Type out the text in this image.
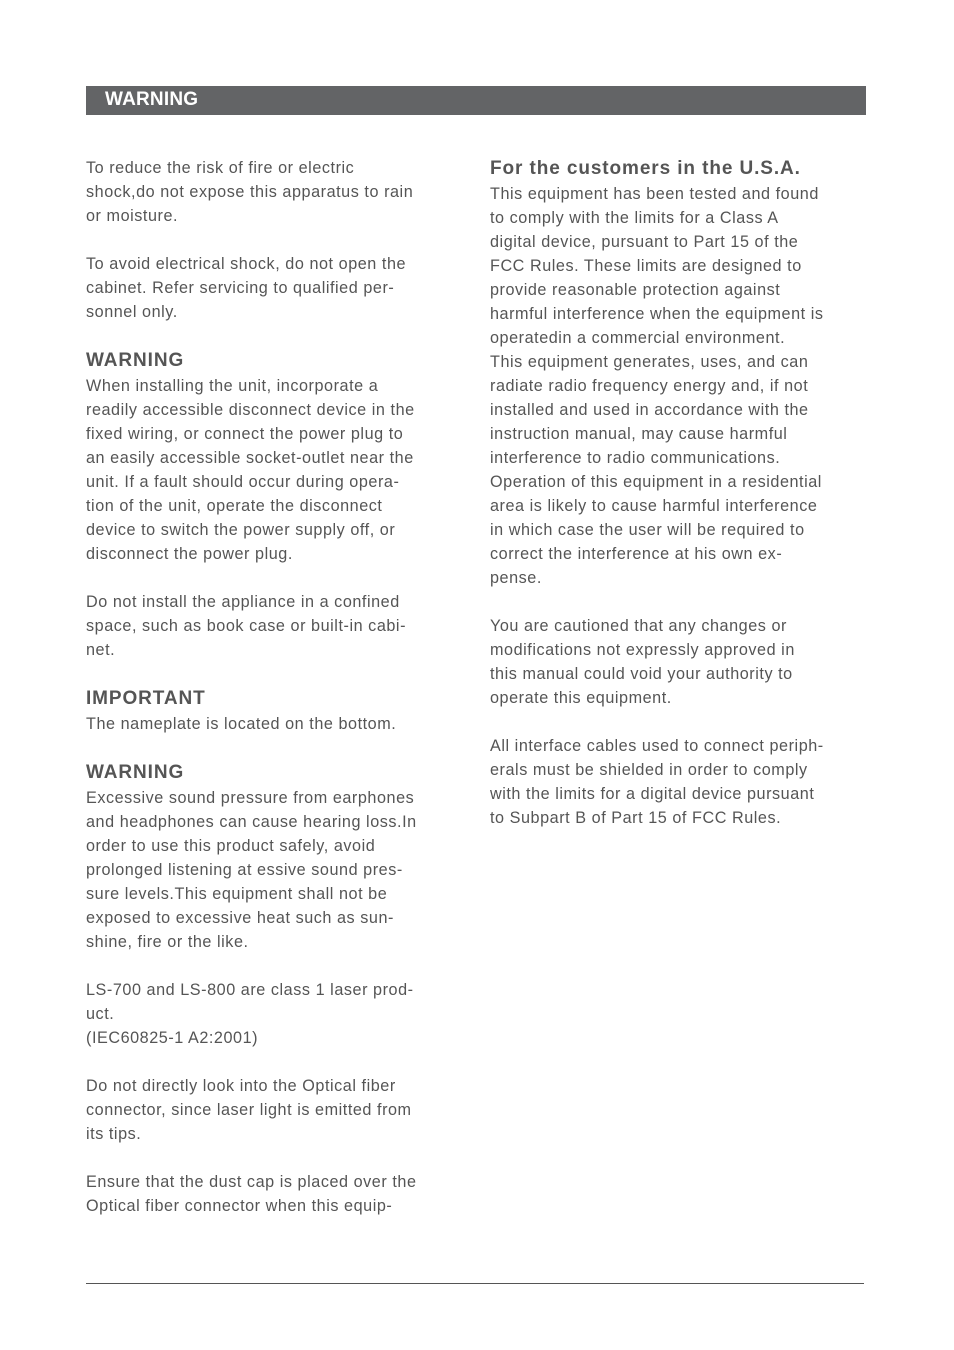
WARNING
To reduce the risk of fire or electric
shock,do not expose this apparatus to rain
or moisture.
To avoid electrical shock, do not open the
cabinet. Refer servicing to qualified per-
sonnel only.
WARNING
When installing the unit, incorporate a
readily accessible disconnect device in the
fixed wiring, or connect the power plug to
an easily accessible socket-outlet near the
unit. If a fault should occur during opera-
tion of the unit, operate the disconnect
device to switch the power supply off, or
disconnect the power plug.
Do not install the appliance in a confined
space, such as book case or built-in cabi-
net.
IMPORTANT
The nameplate is located on the bottom.
WARNING
Excessive sound pressure from earphones
and headphones can cause hearing loss.In
order to use this product safely, avoid
prolonged listening at essive sound pres-
sure levels.This equipment shall not be
exposed to excessive heat such as sun-
shine, fire or the like.
LS-700 and LS-800 are class 1 laser prod-
uct.
(IEC60825-1 A2:2001)
Do not directly look into the Optical fiber
connector, since laser light is emitted from
its tips.
Ensure that the dust cap is placed over the
Optical fiber connector when this equip-
For the customers in the U.S.A.
This equipment has been tested and found
to comply with the limits for a Class A
digital device, pursuant to Part 15 of the
FCC Rules. These limits are designed to
provide reasonable protection against
harmful interference when the equipment is
operatedin a commercial environment.
This equipment generates, uses, and can
radiate radio frequency energy and, if not
installed and used in accordance with the
instruction manual, may cause harmful
interference to radio communications.
Operation of this equipment in a residential
area is likely to cause harmful interference
in which case the user will be required to
correct the interference at his own ex-
pense.
You are cautioned that any changes or
modifications not expressly approved in
this manual could void your authority to
operate this equipment.
All interface cables used to connect periph-
erals must be shielded in order to comply
with the limits for a digital device pursuant
to Subpart B of Part 15 of FCC Rules.
